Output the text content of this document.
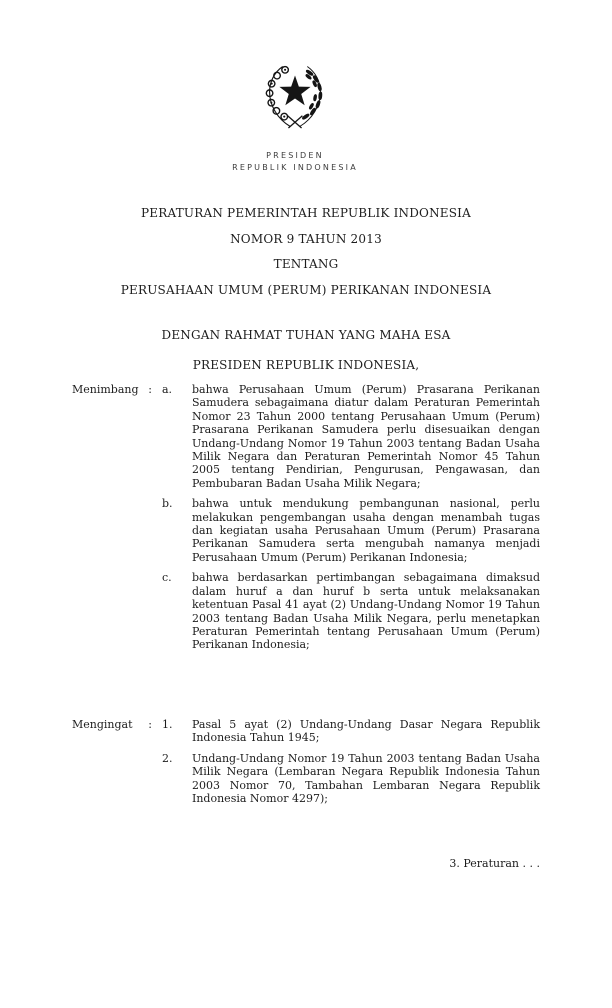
PRESIDEN
REPUBLIK INDONESIA
PERATURAN PEMERINTAH REPUBLIK INDONESIA
NOMOR 9 TAHUN 2013
TENTANG
PERUSAHAAN UMUM (PERUM) PERIKANAN INDONESIA
DENGAN RAHMAT TUHAN YANG MAHA ESA
PRESIDEN REPUBLIK INDONESIA,
Menimbang : a.	bahwa Perusahaan Umum (Perum) Prasarana Perikanan Samudera sebagaimana diatur dalam Peraturan Pemerintah Nomor 23 Tahun 2000 tentang Perusahaan Umum (Perum) Prasarana Perikanan Samudera perlu disesuaikan dengan Undang-Undang Nomor 19 Tahun 2003 tentang Badan Usaha Milik Negara dan Peraturan Pemerintah Nomor 45 Tahun 2005 tentang Pendirian, Pengurusan, Pengawasan, dan Pembubaran Badan Usaha Milik Negara;
b.	bahwa untuk mendukung pembangunan nasional, perlu melakukan pengembangan usaha dengan menambah tugas dan kegiatan usaha Perusahaan Umum (Perum) Prasarana Perikanan Samudera serta mengubah namanya menjadi Perusahaan Umum (Perum) Perikanan Indonesia;
c.	bahwa berdasarkan pertimbangan sebagaimana dimaksud dalam huruf a dan huruf b serta untuk melaksanakan ketentuan Pasal 41 ayat (2) Undang-Undang Nomor 19 Tahun 2003 tentang Badan Usaha Milik Negara, perlu menetapkan Peraturan Pemerintah tentang Perusahaan Umum (Perum) Perikanan Indonesia;
Mengingat : 1.	Pasal 5 ayat (2) Undang-Undang Dasar Negara Republik Indonesia Tahun 1945;
2.	Undang-Undang Nomor 19 Tahun 2003 tentang Badan Usaha Milik Negara (Lembaran Negara Republik Indonesia Tahun 2003 Nomor 70, Tambahan Lembaran Negara Republik Indonesia Nomor 4297);
3. Peraturan . . .
